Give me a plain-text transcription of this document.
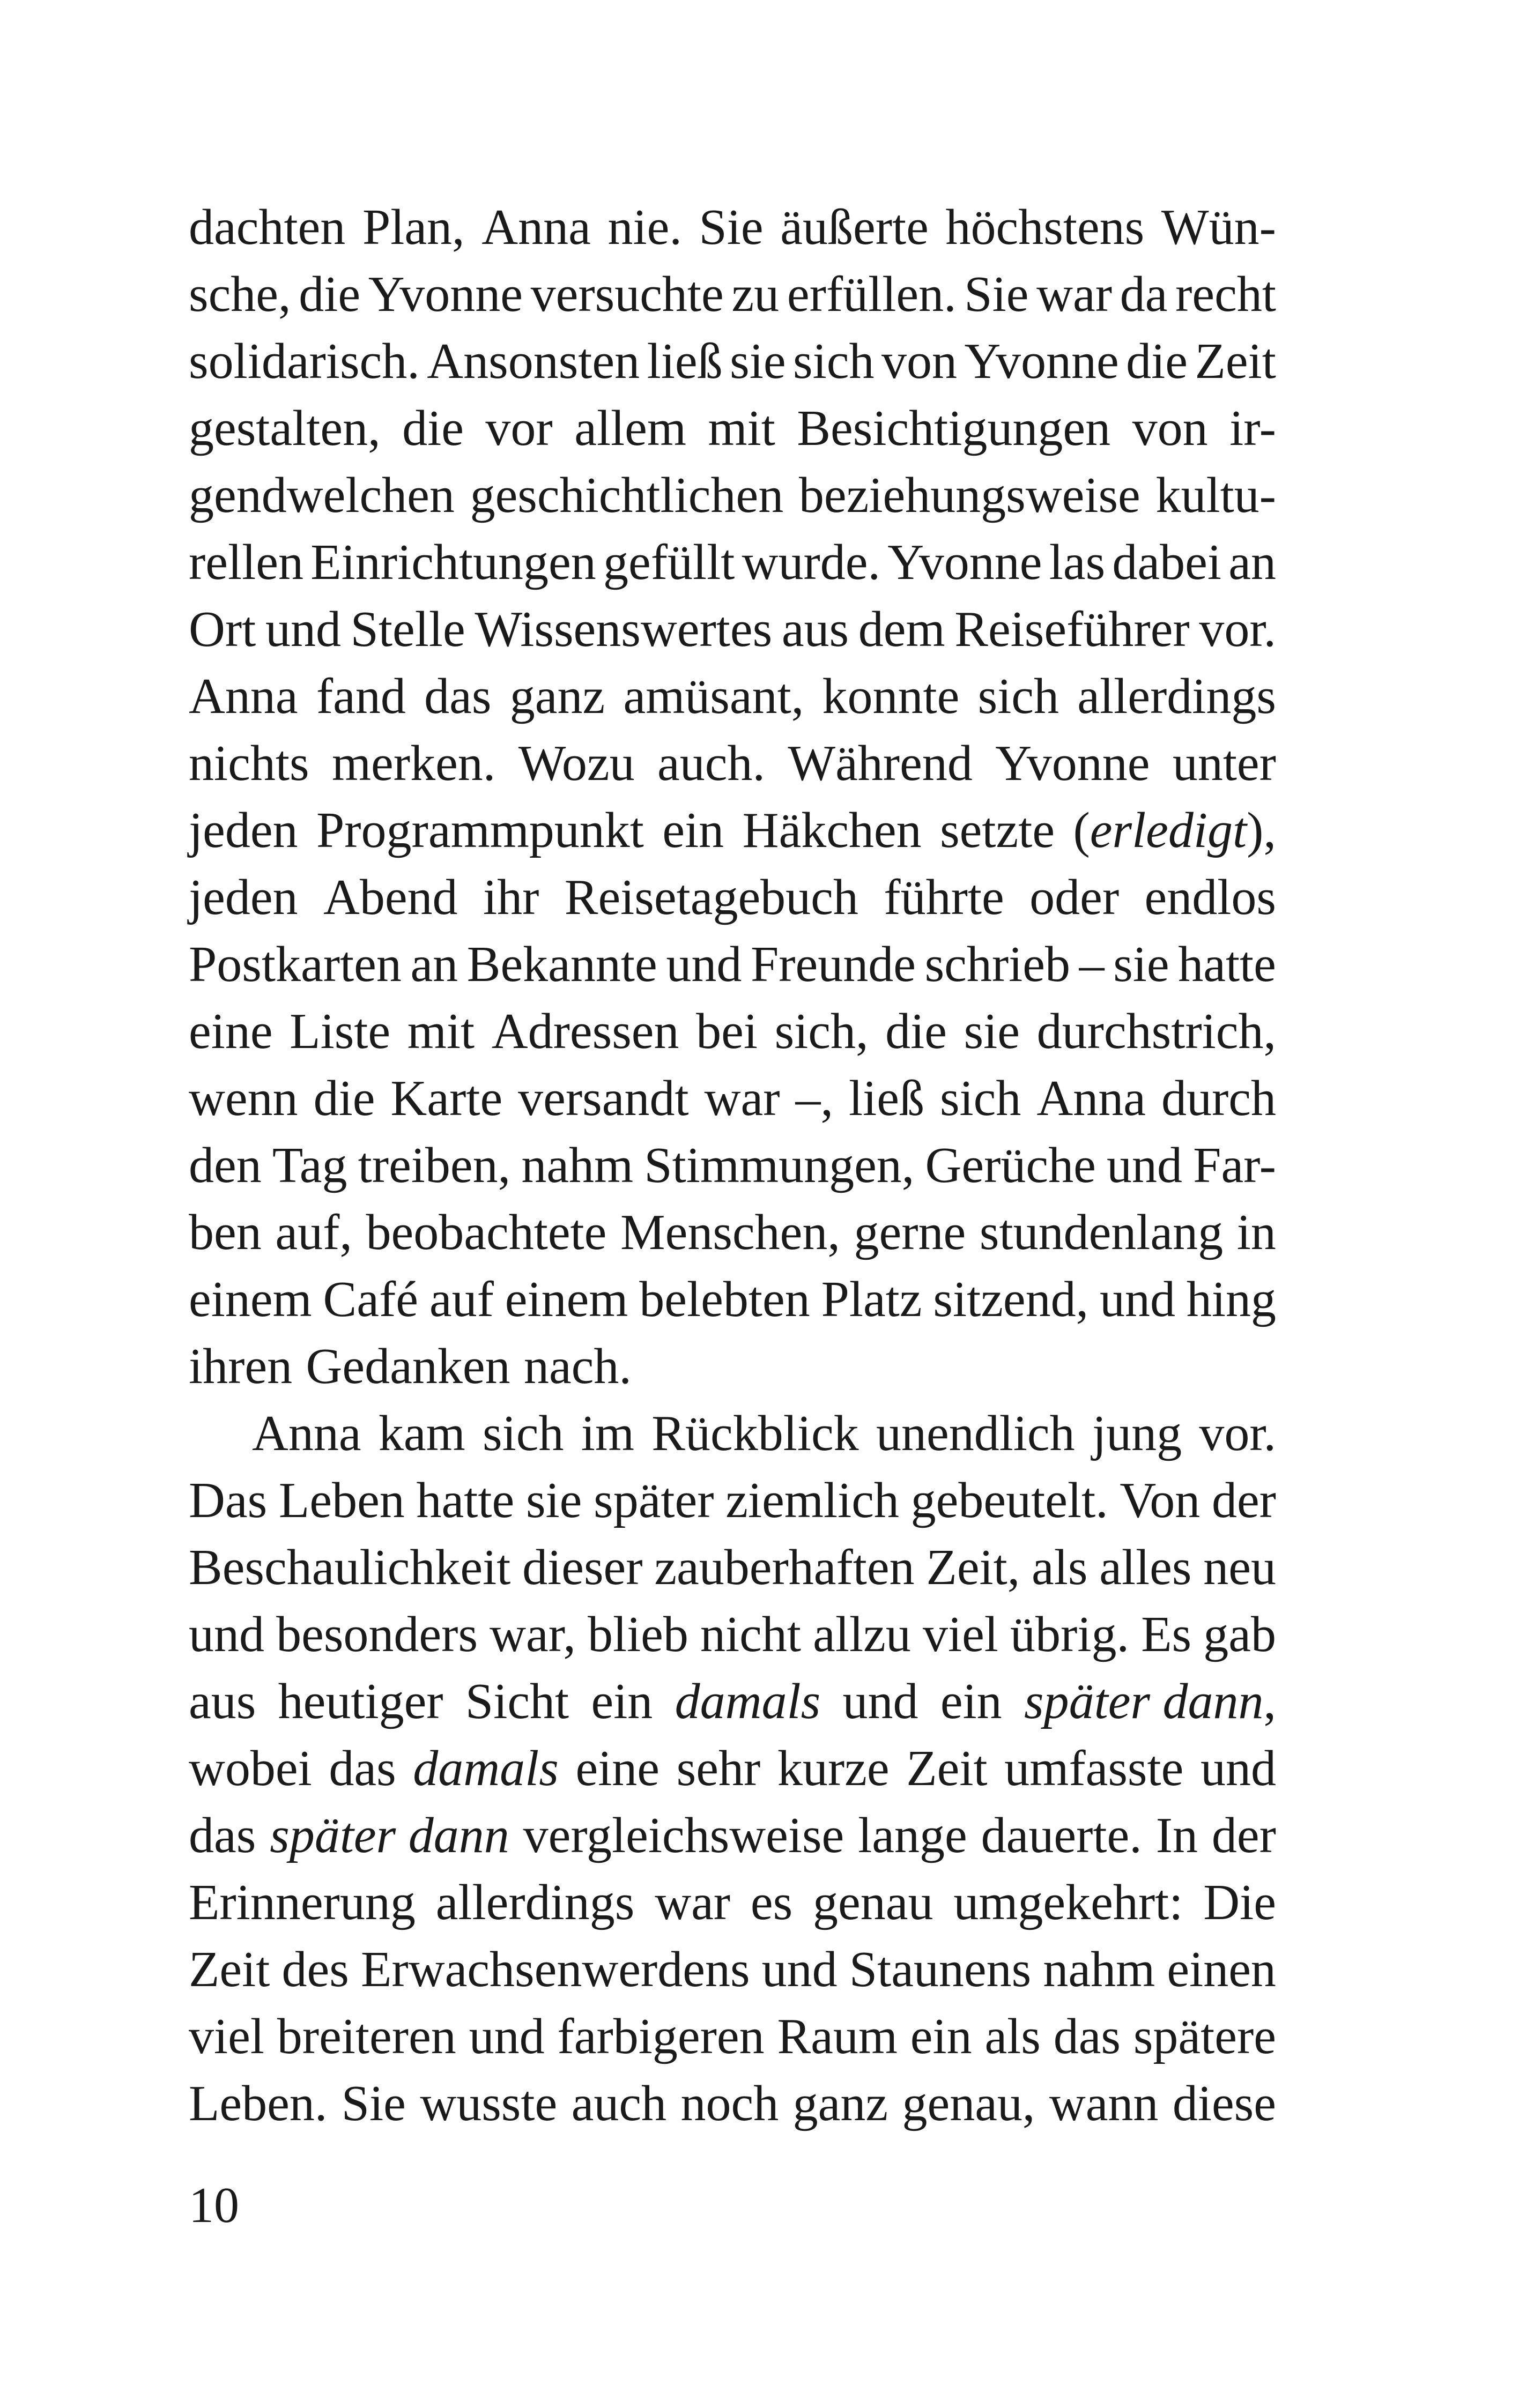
dachten Plan, Anna nie. Sie äußerte höchstens Wün-
sche, die Yvonne versuchte zu erfüllen. Sie war da recht
solidarisch. Ansonsten ließ sie sich von Yvonne die Zeit
gestalten, die vor allem mit Besichtigungen von ir-
gendwelchen geschichtlichen beziehungsweise kultu-
rellen Einrichtungen gefüllt wurde. Yvonne las dabei an
Ort und Stelle Wissenswertes aus dem Reiseführer vor.
Anna fand das ganz amüsant, konnte sich allerdings
nichts merken. Wozu auch. Während Yvonne unter
jeden Programmpunkt ein Häkchen setzte (erledigt),
jeden Abend ihr Reisetagebuch führte oder endlos
Postkarten an Bekannte und Freunde schrieb – sie hatte
eine Liste mit Adressen bei sich, die sie durchstrich,
wenn die Karte versandt war –, ließ sich Anna durch
den Tag treiben, nahm Stimmungen, Gerüche und Far-
ben auf, beobachtete Menschen, gerne stundenlang in
einem Café auf einem belebten Platz sitzend, und hing
ihren Gedanken nach.
Anna kam sich im Rückblick unendlich jung vor.
Das Leben hatte sie später ziemlich gebeutelt. Von der
Beschaulichkeit dieser zauberhaften Zeit, als alles neu
und besonders war, blieb nicht allzu viel übrig. Es gab
aus heutiger Sicht ein damals und ein später dann,
wobei das damals eine sehr kurze Zeit umfasste und
das später dann vergleichsweise lange dauerte. In der
Erinnerung allerdings war es genau umgekehrt: Die
Zeit des Erwachsenwerdens und Staunens nahm einen
viel breiteren und farbigeren Raum ein als das spätere
Leben. Sie wusste auch noch ganz genau, wann diese
10
